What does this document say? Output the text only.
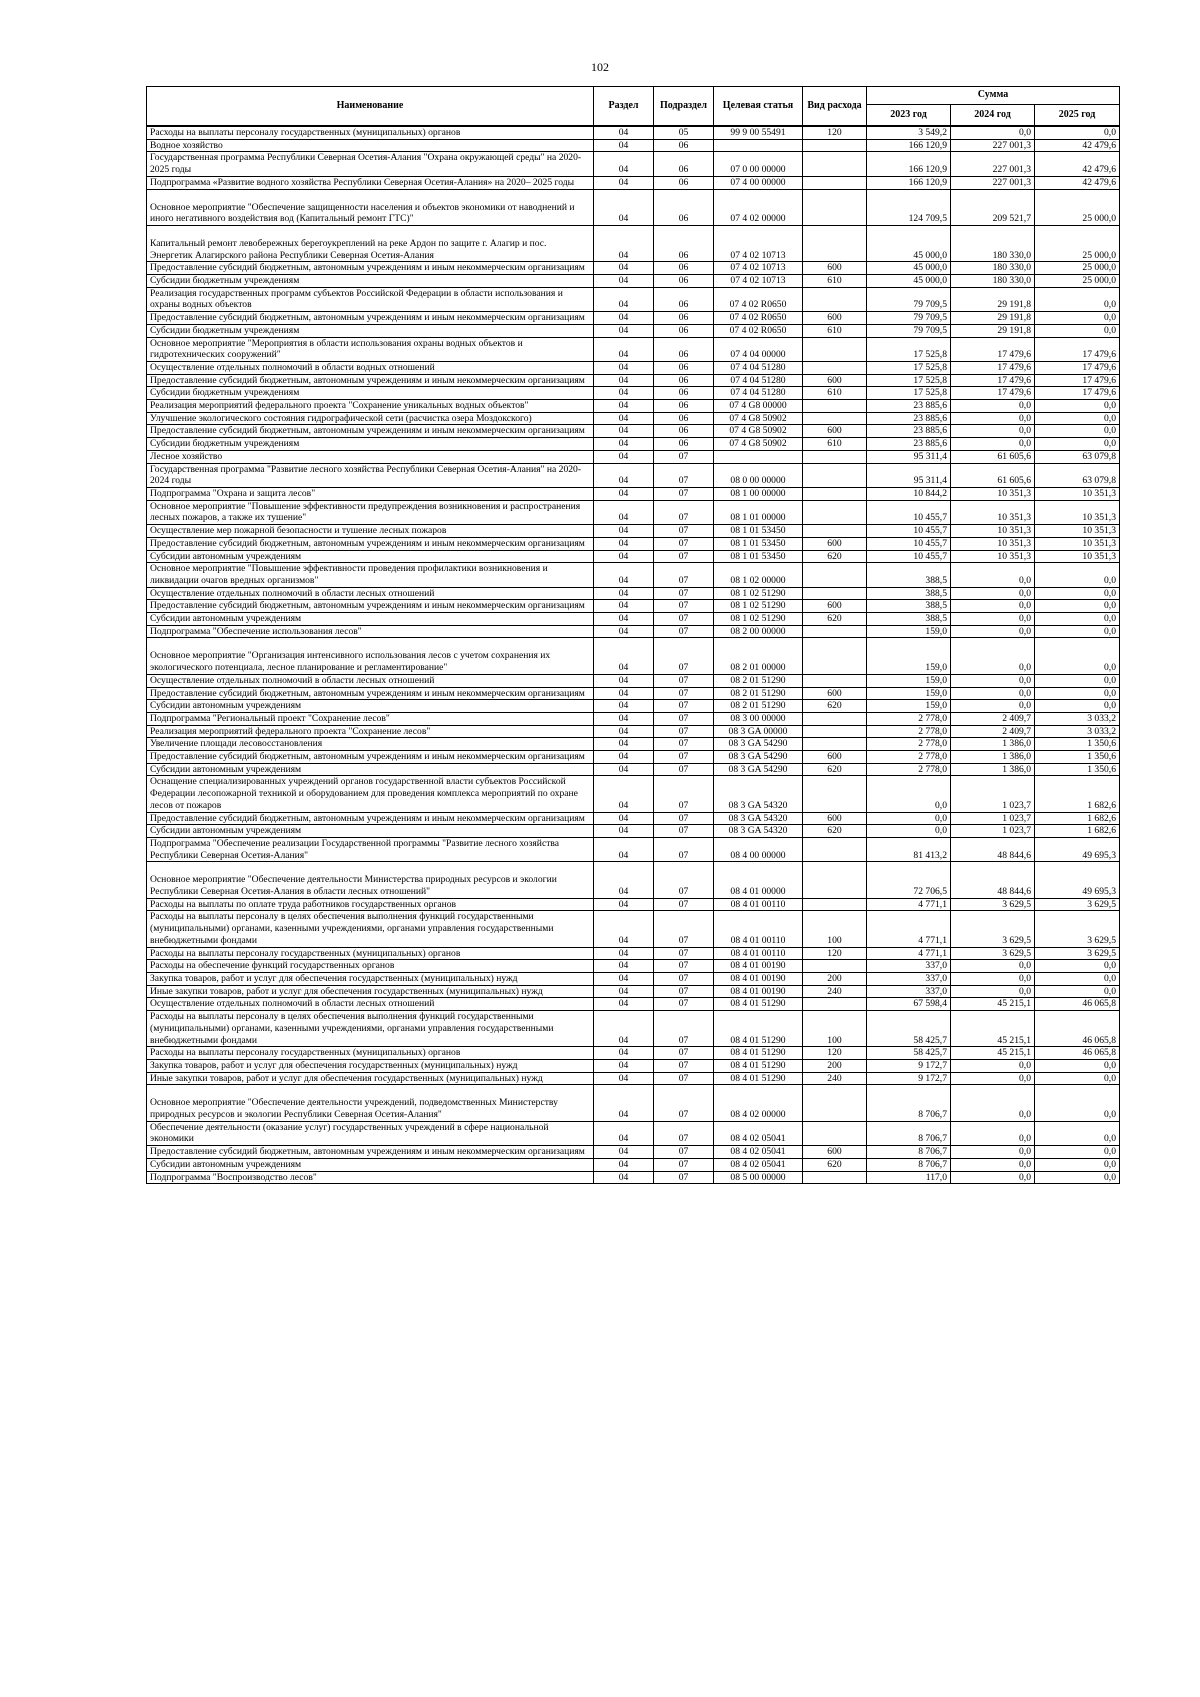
102
Наименование	Раздел	Подраздел	Целевая статья	Вид расхода	Сумма		
					2023 год	2024 год	2025 год
Расходы на выплаты персоналу государственных (муниципальных) органов	04	05	99 9 00 55491	120	3 549,2	0,0	0,0
Водное хозяйство	04	06			166 120,9	227 001,3	42 479,6
Государственная программа Республики Северная Осетия-Алания "Охрана окружающей среды" на 2020-2025 годы	04	06	07 0 00 00000		166 120,9	227 001,3	42 479,6
Подпрограмма «Развитие водного хозяйства Республики Северная Осетия-Алания» на 2020– 2025 годы	04	06	07 4 00 00000		166 120,9	227 001,3	42 479,6
Основное мероприятие "Обеспечение защищенности населения и объектов экономики от наводнений и иного негативного воздействия вод (Капитальный ремонт ГТС)"	04	06	07 4 02 00000		124 709,5	209 521,7	25 000,0
Капитальный ремонт левобережных берегоукреплений на реке Ардон по защите г. Алагир и пос. Энергетик Алагирского района Республики Северная Осетия-Алания	04	06	07 4 02 10713		45 000,0	180 330,0	25 000,0
Предоставление субсидий бюджетным, автономным учреждениям и иным некоммерческим организациям	04	06	07 4 02 10713	600	45 000,0	180 330,0	25 000,0
Субсидии бюджетным учреждениям	04	06	07 4 02 10713	610	45 000,0	180 330,0	25 000,0
Реализация государственных программ субъектов Российской Федерации в области использования и охраны водных объектов	04	06	07 4 02 R0650		79 709,5	29 191,8	0,0
Предоставление субсидий бюджетным, автономным учреждениям и иным некоммерческим организациям	04	06	07 4 02 R0650	600	79 709,5	29 191,8	0,0
Субсидии бюджетным учреждениям	04	06	07 4 02 R0650	610	79 709,5	29 191,8	0,0
Основное мероприятие "Мероприятия в области использования охраны водных объектов и гидротехнических сооружений"	04	06	07 4 04 00000		17 525,8	17 479,6	17 479,6
Осуществление отдельных полномочий в области водных отношений	04	06	07 4 04 51280		17 525,8	17 479,6	17 479,6
Предоставление субсидий бюджетным, автономным учреждениям и иным некоммерческим организациям	04	06	07 4 04 51280	600	17 525,8	17 479,6	17 479,6
Субсидии бюджетным учреждениям	04	06	07 4 04 51280	610	17 525,8	17 479,6	17 479,6
Реализация мероприятий федерального проекта "Сохранение уникальных водных объектов"	04	06	07 4 G8 00000		23 885,6	0,0	0,0
Улучшение экологического состояния гидрографической сети (расчистка озера Моздокского)	04	06	07 4 G8 50902		23 885,6	0,0	0,0
Предоставление субсидий бюджетным, автономным учреждениям и иным некоммерческим организациям	04	06	07 4 G8 50902	600	23 885,6	0,0	0,0
Субсидии бюджетным учреждениям	04	06	07 4 G8 50902	610	23 885,6	0,0	0,0
Лесное хозяйство	04	07			95 311,4	61 605,6	63 079,8
Государственная программа "Развитие лесного хозяйства Республики Северная Осетия-Алания" на 2020-2024 годы	04	07	08 0 00 00000		95 311,4	61 605,6	63 079,8
Подпрограмма "Охрана и защита лесов"	04	07	08 1 00 00000		10 844,2	10 351,3	10 351,3
Основное мероприятие "Повышение эффективности предупреждения возникновения и распространения лесных пожаров, а также их тушение"	04	07	08 1 01 00000		10 455,7	10 351,3	10 351,3
Осуществление мер пожарной безопасности и тушение лесных пожаров	04	07	08 1 01 53450		10 455,7	10 351,3	10 351,3
Предоставление субсидий бюджетным, автономным учреждениям и иным некоммерческим организациям	04	07	08 1 01 53450	600	10 455,7	10 351,3	10 351,3
Субсидии автономным учреждениям	04	07	08 1 01 53450	620	10 455,7	10 351,3	10 351,3
Основное мероприятие "Повышение эффективности проведения профилактики возникновения и ликвидации очагов вредных организмов"	04	07	08 1 02 00000		388,5	0,0	0,0
Осуществление отдельных полномочий в области лесных отношений	04	07	08 1 02 51290		388,5	0,0	0,0
Предоставление субсидий бюджетным, автономным учреждениям и иным некоммерческим организациям	04	07	08 1 02 51290	600	388,5	0,0	0,0
Субсидии автономным учреждениям	04	07	08 1 02 51290	620	388,5	0,0	0,0
Подпрограмма "Обеспечение использования лесов"	04	07	08 2 00 00000		159,0	0,0	0,0
Основное мероприятие "Организация интенсивного использования лесов с учетом сохранения их экологического потенциала, лесное планирование и регламентирование"	04	07	08 2 01 00000		159,0	0,0	0,0
Осуществление отдельных полномочий в области лесных отношений	04	07	08 2 01 51290		159,0	0,0	0,0
Предоставление субсидий бюджетным, автономным учреждениям и иным некоммерческим организациям	04	07	08 2 01 51290	600	159,0	0,0	0,0
Субсидии автономным учреждениям	04	07	08 2 01 51290	620	159,0	0,0	0,0
Подпрограмма "Региональный проект "Сохранение лесов"	04	07	08 3 00 00000		2 778,0	2 409,7	3 033,2
Реализация мероприятий федерального проекта "Сохранение лесов"	04	07	08 3 GA 00000		2 778,0	2 409,7	3 033,2
Увеличение площади лесовосстановления	04	07	08 3 GA 54290		2 778,0	1 386,0	1 350,6
Предоставление субсидий бюджетным, автономным учреждениям и иным некоммерческим организациям	04	07	08 3 GA 54290	600	2 778,0	1 386,0	1 350,6
Субсидии автономным учреждениям	04	07	08 3 GA 54290	620	2 778,0	1 386,0	1 350,6
Оснащение специализированных учреждений органов государственной власти субъектов Российской Федерации лесопожарной техникой и оборудованием для проведения комплекса мероприятий по охране лесов от пожаров	04	07	08 3 GA 54320		0,0	1 023,7	1 682,6
Предоставление субсидий бюджетным, автономным учреждениям и иным некоммерческим организациям	04	07	08 3 GA 54320	600	0,0	1 023,7	1 682,6
Субсидии автономным учреждениям	04	07	08 3 GA 54320	620	0,0	1 023,7	1 682,6
Подпрограмма "Обеспечение реализации Государственной программы "Развитие лесного хозяйства Республики Северная Осетия-Алания"	04	07	08 4 00 00000		81 413,2	48 844,6	49 695,3
Основное мероприятие "Обеспечение деятельности Министерства природных ресурсов и экологии Республики Северная Осетия-Алания в области лесных отношений"	04	07	08 4 01 00000		72 706,5	48 844,6	49 695,3
Расходы на выплаты по оплате труда работников государственных органов	04	07	08 4 01 00110		4 771,1	3 629,5	3 629,5
Расходы на выплаты персоналу в целях обеспечения выполнения функций государственными (муниципальными) органами, казенными учреждениями, органами управления государственными внебюджетными фондами	04	07	08 4 01 00110	100	4 771,1	3 629,5	3 629,5
Расходы на выплаты персоналу государственных (муниципальных) органов	04	07	08 4 01 00110	120	4 771,1	3 629,5	3 629,5
Расходы на обеспечение функций государственных органов	04	07	08 4 01 00190		337,0	0,0	0,0
Закупка товаров, работ и услуг для обеспечения государственных (муниципальных) нужд	04	07	08 4 01 00190	200	337,0	0,0	0,0
Иные закупки товаров, работ и услуг для обеспечения государственных (муниципальных) нужд	04	07	08 4 01 00190	240	337,0	0,0	0,0
Осуществление отдельных полномочий в области лесных отношений	04	07	08 4 01 51290		67 598,4	45 215,1	46 065,8
Расходы на выплаты персоналу в целях обеспечения выполнения функций государственными (муниципальными) органами, казенными учреждениями, органами управления государственными внебюджетными фондами	04	07	08 4 01 51290	100	58 425,7	45 215,1	46 065,8
Расходы на выплаты персоналу государственных (муниципальных) органов	04	07	08 4 01 51290	120	58 425,7	45 215,1	46 065,8
Закупка товаров, работ и услуг для обеспечения государственных (муниципальных) нужд	04	07	08 4 01 51290	200	9 172,7	0,0	0,0
Иные закупки товаров, работ и услуг для обеспечения государственных (муниципальных) нужд	04	07	08 4 01 51290	240	9 172,7	0,0	0,0
Основное мероприятие "Обеспечение деятельности учреждений, подведомственных Министерству природных ресурсов и экологии Республики Северная Осетия-Алания"	04	07	08 4 02 00000		8 706,7	0,0	0,0
Обеспечение деятельности (оказание услуг) государственных учреждений в сфере национальной экономики	04	07	08 4 02 05041		8 706,7	0,0	0,0
Предоставление субсидий бюджетным, автономным учреждениям и иным некоммерческим организациям	04	07	08 4 02 05041	600	8 706,7	0,0	0,0
Субсидии автономным учреждениям	04	07	08 4 02 05041	620	8 706,7	0,0	0,0
Подпрограмма "Воспроизводство лесов"	04	07	08 5 00 00000		117,0	0,0	0,0
